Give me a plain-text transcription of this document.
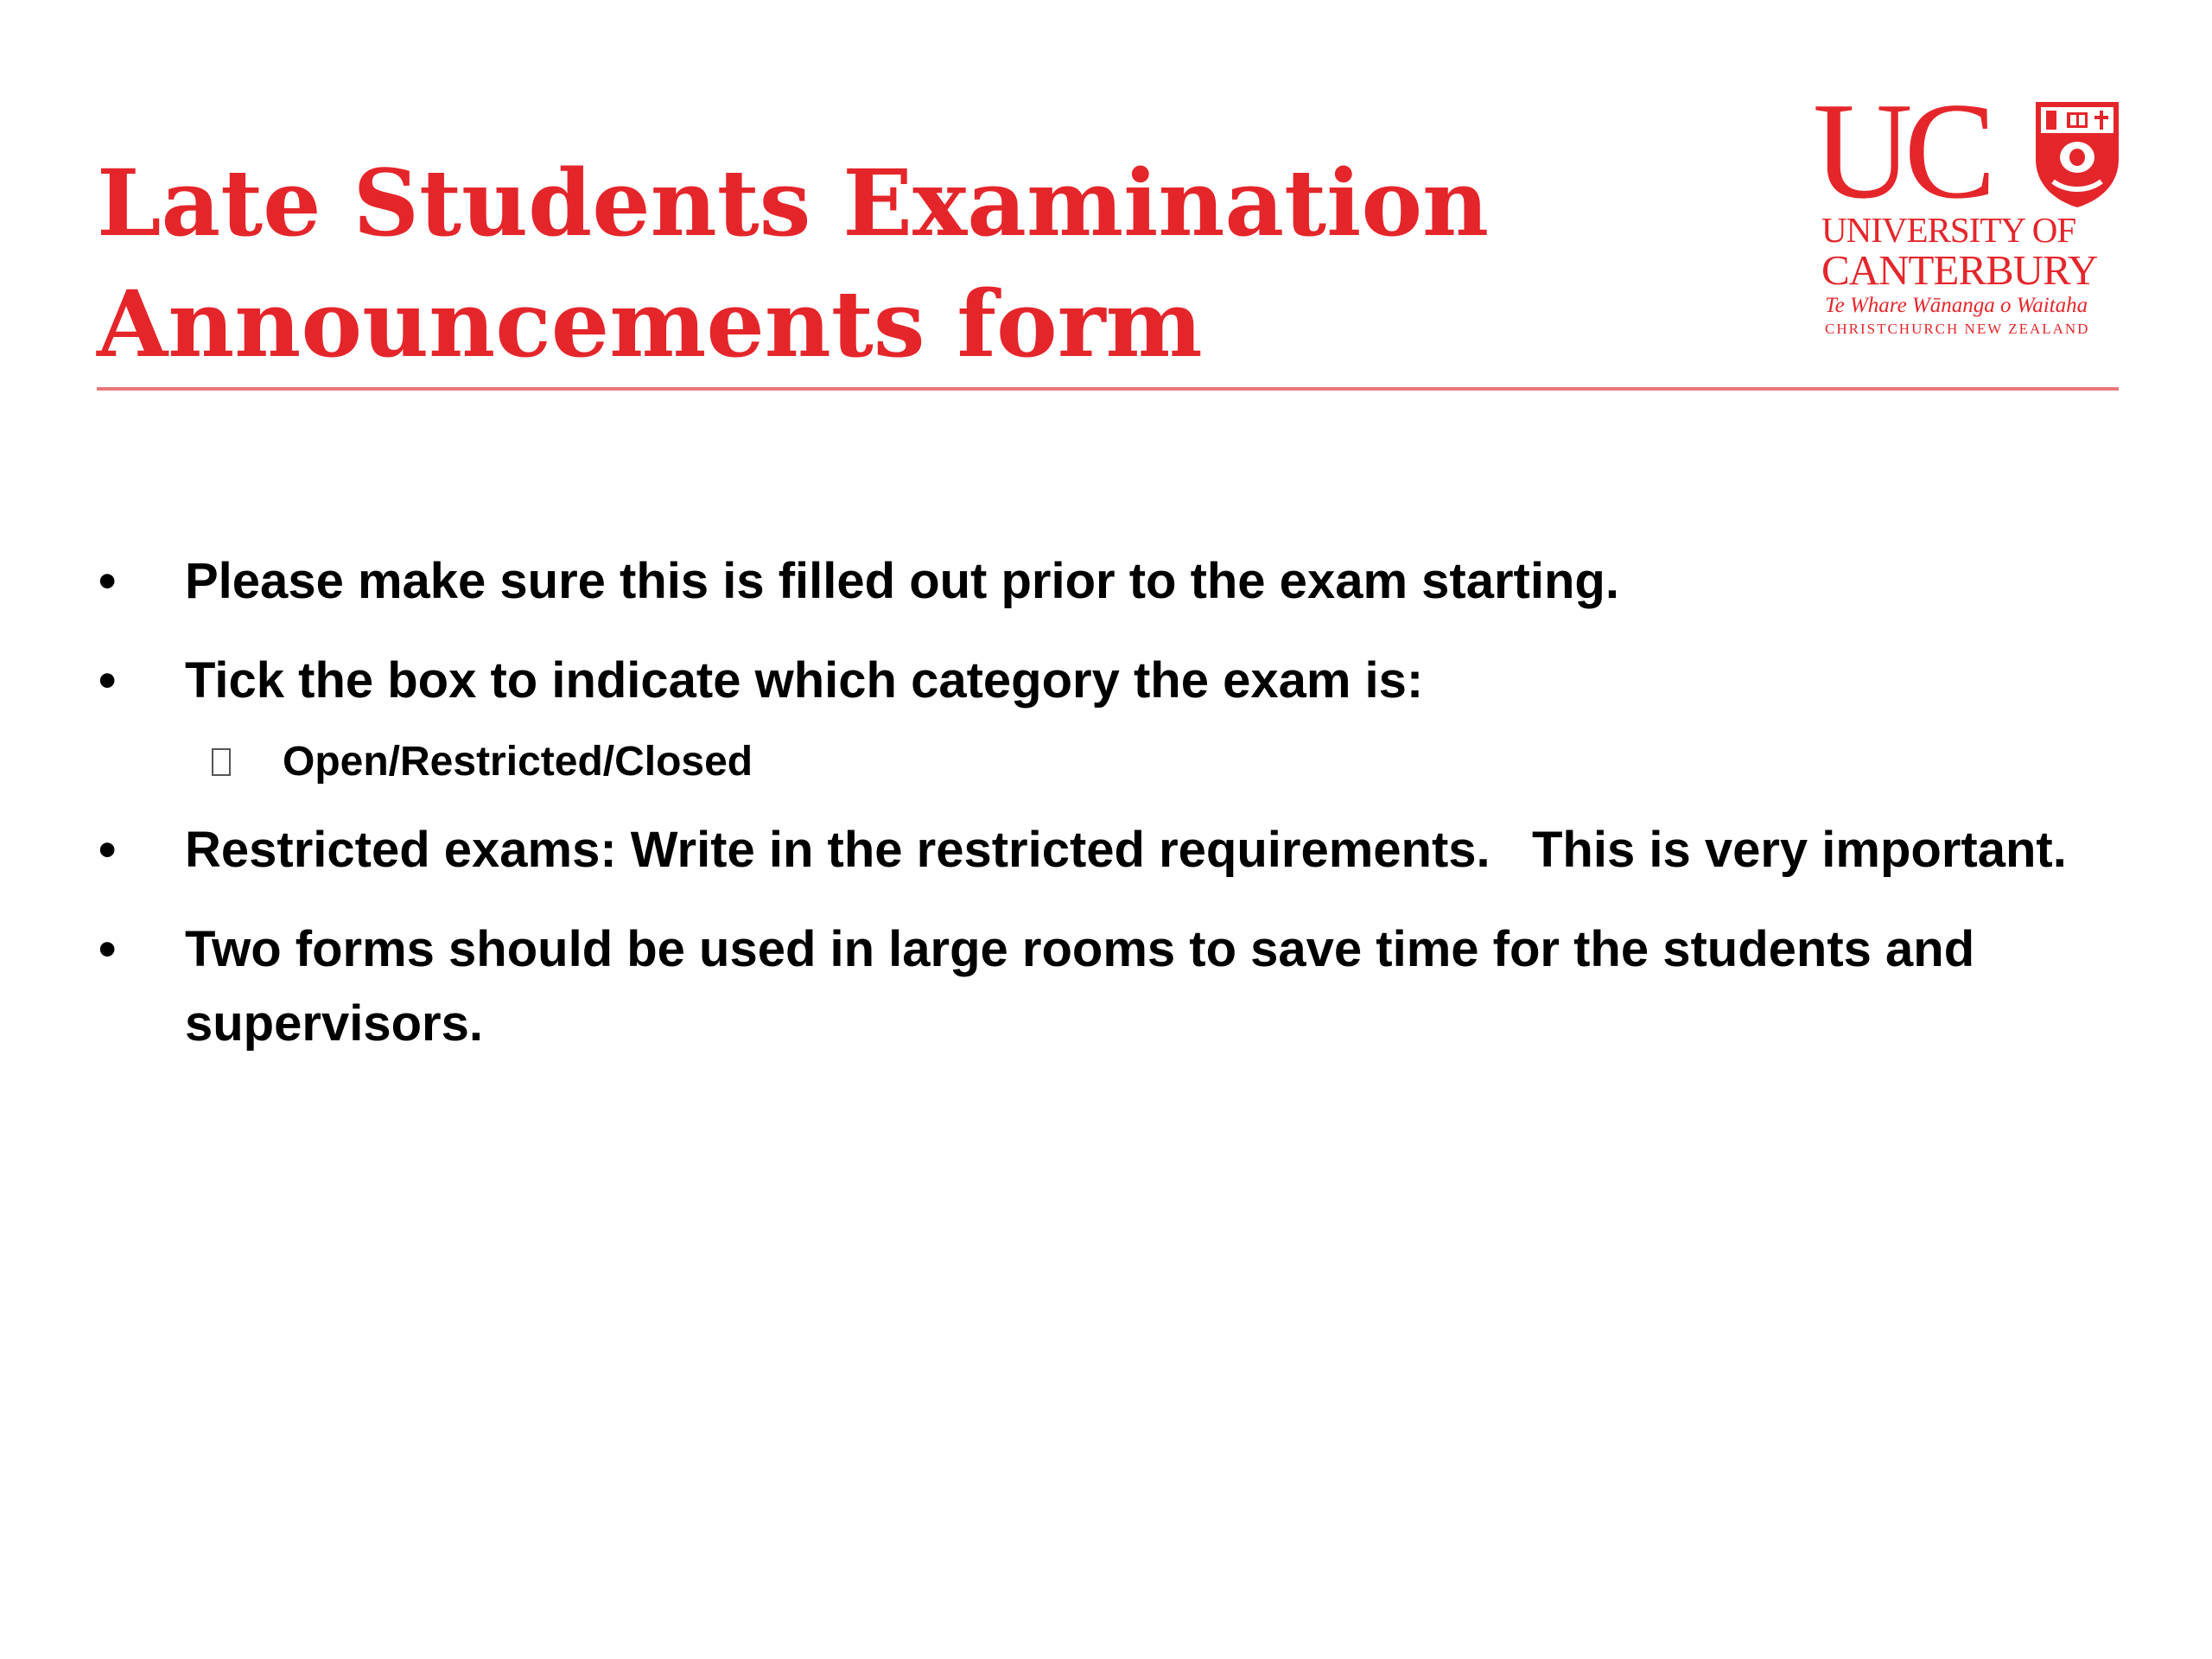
Late Students Examination
Announcements form
UC
UNIVERSITY OF
CANTERBURY
Te Whare Wānanga o Waitaha
CHRISTCHURCH NEW ZEALAND
• Please make sure this is filled out prior to the exam starting.
• Tick the box to indicate which category the exam is:
Open/Restricted/Closed
• Restricted exams: Write in the restricted requirements.   This is very important.
• Two forms should be used in large rooms to save time for the students and supervisors.
